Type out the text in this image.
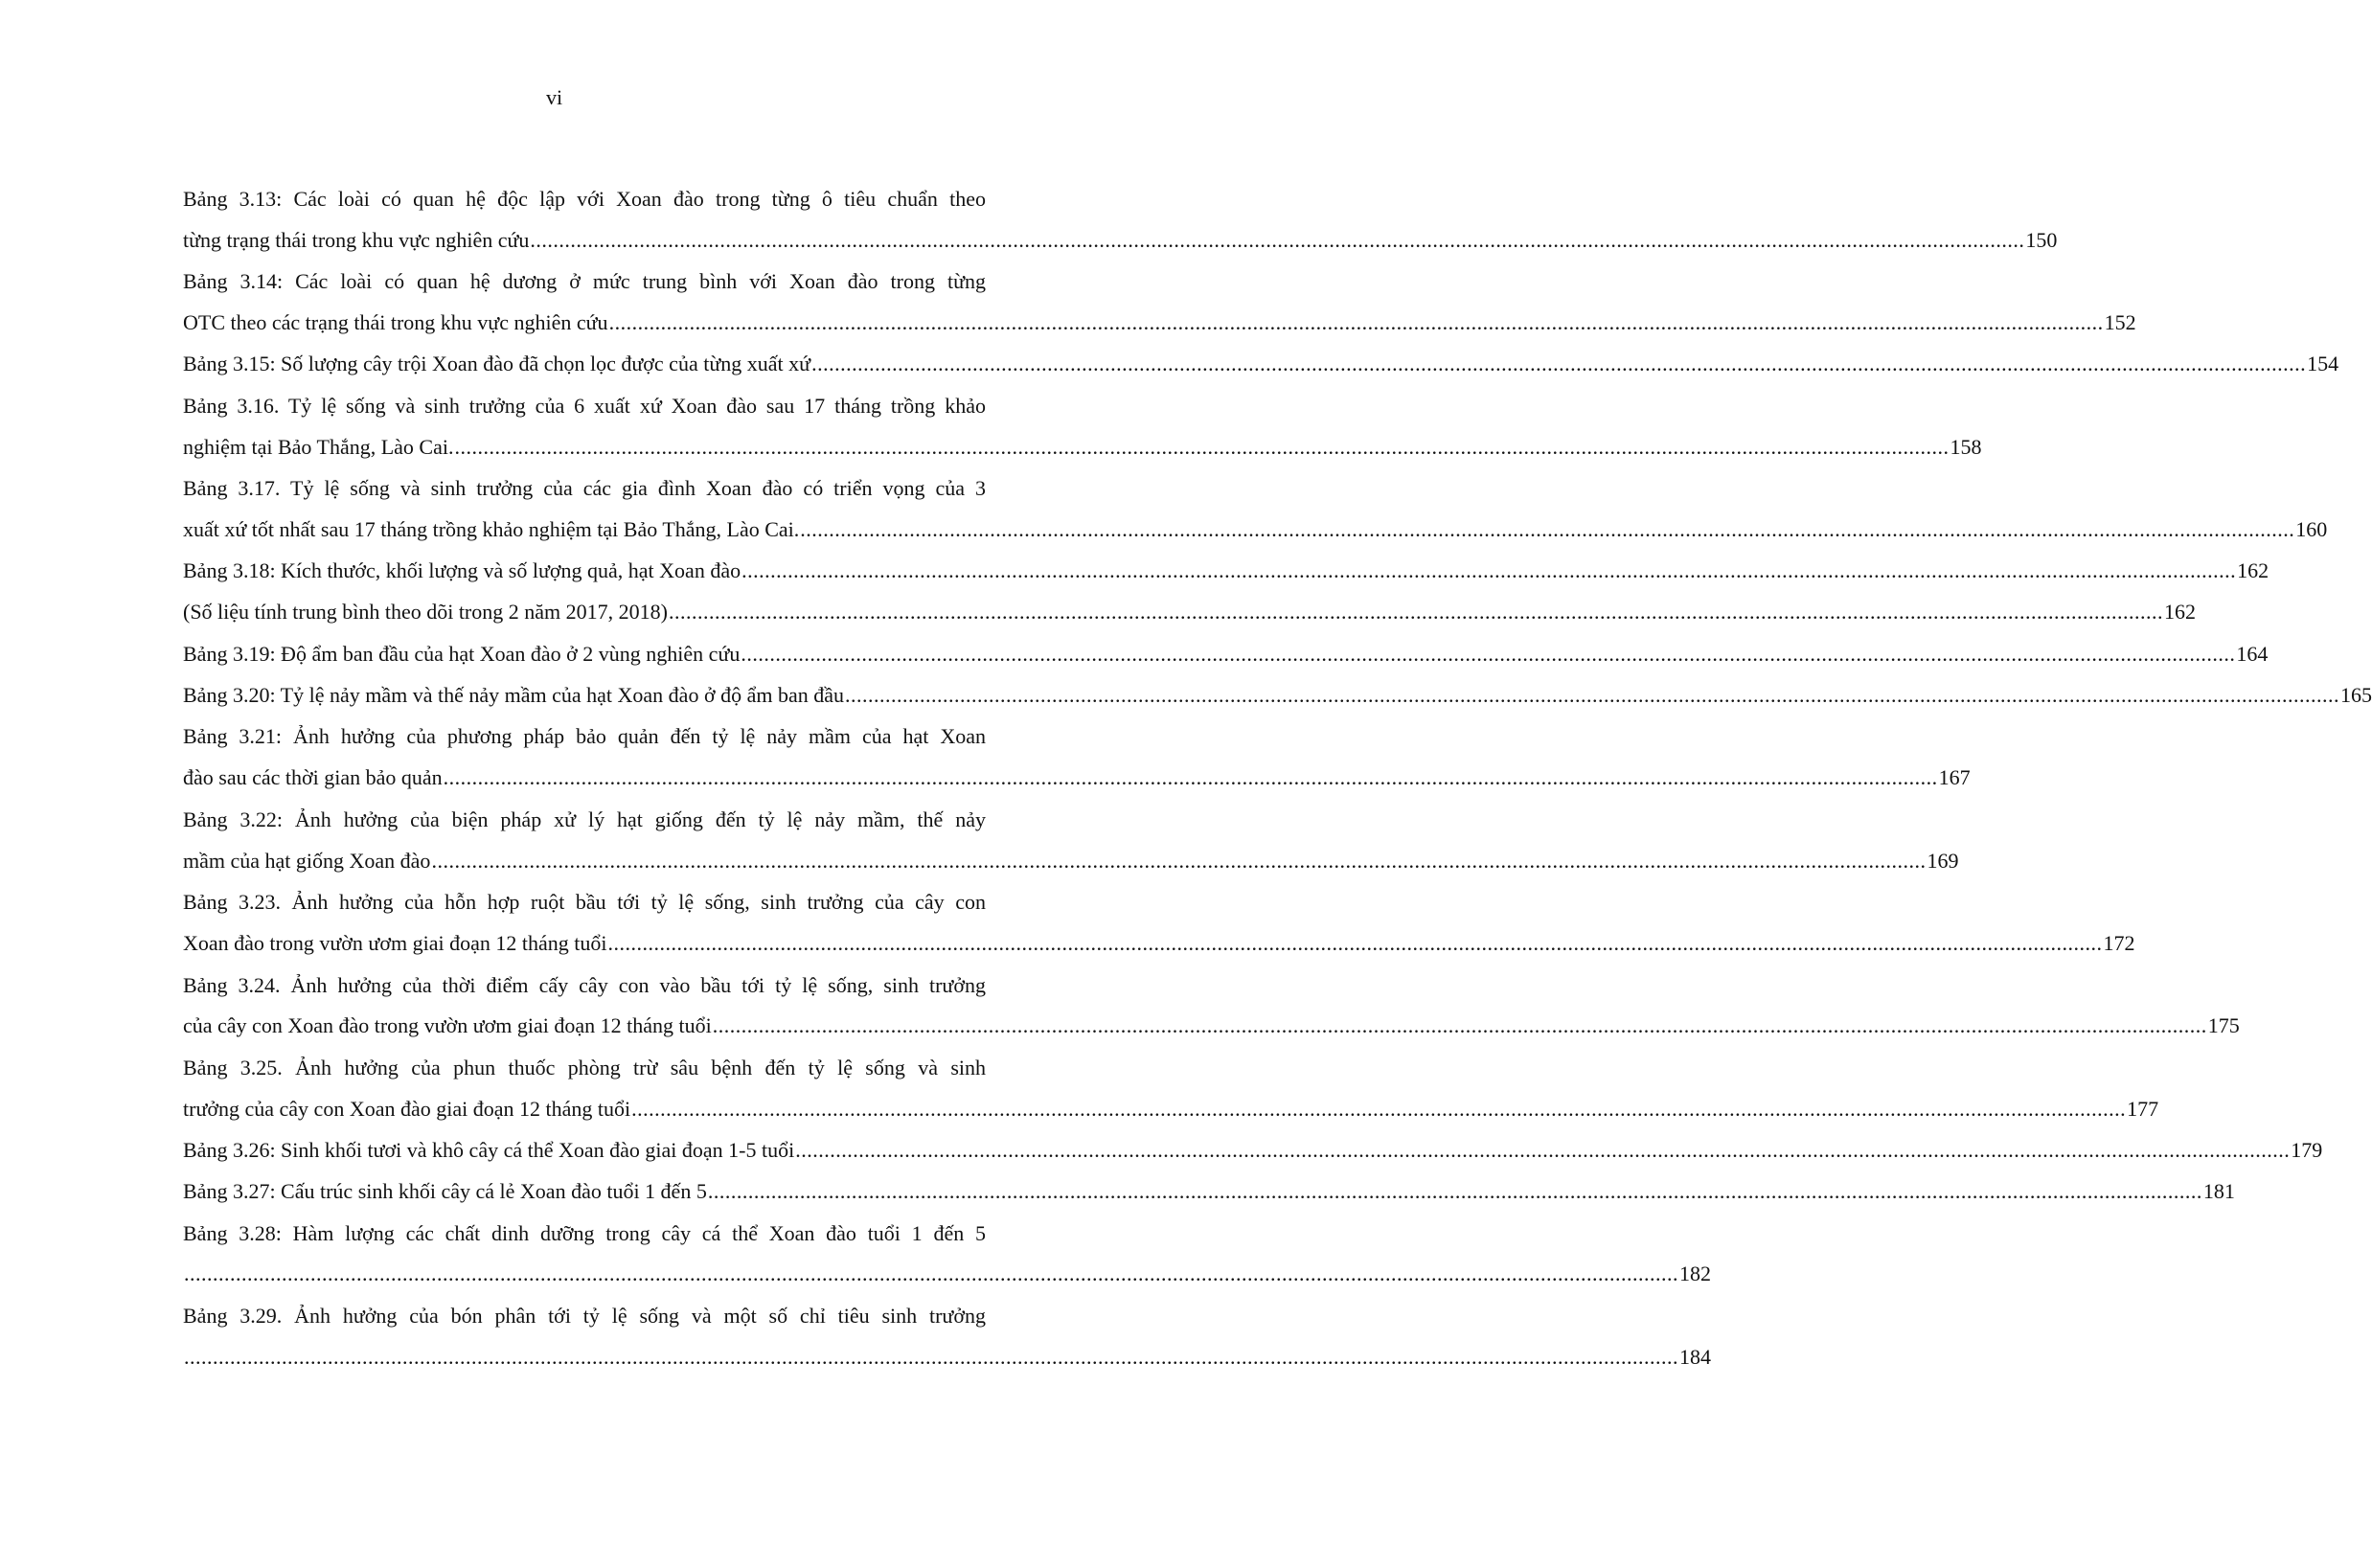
vi
Bảng 3.13: Các loài có quan hệ độc lập với Xoan đào trong từng ô tiêu chuẩn theo
từng trạng thái trong khu vực nghiên cứu .................................................................................................................................................................................................................................................................... 150
Bảng 3.14: Các loài có quan hệ dương ở mức trung bình với Xoan đào trong từng
OTC theo các trạng thái trong khu vực nghiên cứu .................................................................................................................................................................................................................................................................... 152
Bảng 3.15: Số lượng cây trội Xoan đào đã chọn lọc được của từng xuất xứ .................................................................................................................................................................................................................................................................... 154
Bảng 3.16. Tỷ lệ sống và sinh trưởng của 6 xuất xứ Xoan đào sau 17 tháng trồng khảo
nghiệm tại Bảo Thắng, Lào Cai. .................................................................................................................................................................................................................................................................... 158
Bảng 3.17. Tỷ lệ sống và sinh trưởng của các gia đình Xoan đào có triển vọng của 3
xuất xứ tốt nhất sau 17 tháng trồng khảo nghiệm tại Bảo Thắng, Lào Cai. .................................................................................................................................................................................................................................................................... 160
Bảng 3.18: Kích thước, khối lượng và số lượng quả, hạt Xoan đào .................................................................................................................................................................................................................................................................... 162
(Số liệu tính trung bình theo dõi trong 2 năm 2017, 2018) .................................................................................................................................................................................................................................................................... 162
Bảng 3.19: Độ ẩm ban đầu của hạt Xoan đào ở 2 vùng nghiên cứu .................................................................................................................................................................................................................................................................... 164
Bảng 3.20: Tỷ lệ nảy mầm và thế nảy mầm của hạt Xoan đào ở độ ẩm ban đầu .................................................................................................................................................................................................................................................................... 165
Bảng 3.21: Ảnh hưởng của phương pháp bảo quản đến tỷ lệ nảy mầm của hạt Xoan
đào sau các thời gian bảo quản .................................................................................................................................................................................................................................................................... 167
Bảng 3.22: Ảnh hưởng của biện pháp xử lý hạt giống đến tỷ lệ nảy mầm, thế nảy
mầm của hạt giống Xoan đào .................................................................................................................................................................................................................................................................... 169
Bảng 3.23. Ảnh hưởng của hỗn hợp ruột bầu tới tỷ lệ sống, sinh trưởng của cây con
Xoan đào trong vườn ươm giai đoạn 12 tháng tuổi .................................................................................................................................................................................................................................................................... 172
Bảng 3.24. Ảnh hưởng của thời điểm cấy cây con vào bầu tới tỷ lệ sống, sinh trưởng
của cây con Xoan đào trong vườn ươm giai đoạn 12 tháng tuổi .................................................................................................................................................................................................................................................................... 175
Bảng 3.25. Ảnh hưởng của phun thuốc phòng trừ sâu bệnh đến tỷ lệ sống và sinh
trưởng của cây con Xoan đào giai đoạn 12 tháng tuổi .................................................................................................................................................................................................................................................................... 177
Bảng 3.26: Sinh khối tươi và khô cây cá thể Xoan đào giai đoạn 1-5 tuổi .................................................................................................................................................................................................................................................................... 179
Bảng 3.27: Cấu trúc sinh khối cây cá lẻ Xoan đào tuổi 1 đến 5 .................................................................................................................................................................................................................................................................... 181
Bảng 3.28: Hàm lượng các chất dinh dưỡng trong cây cá thể Xoan đào tuổi 1 đến 5
.................................................................................................................................................................................................................................................................... 182
Bảng 3.29. Ảnh hưởng của bón phân tới tỷ lệ sống và một số chỉ tiêu sinh trưởng
.................................................................................................................................................................................................................................................................... 184
